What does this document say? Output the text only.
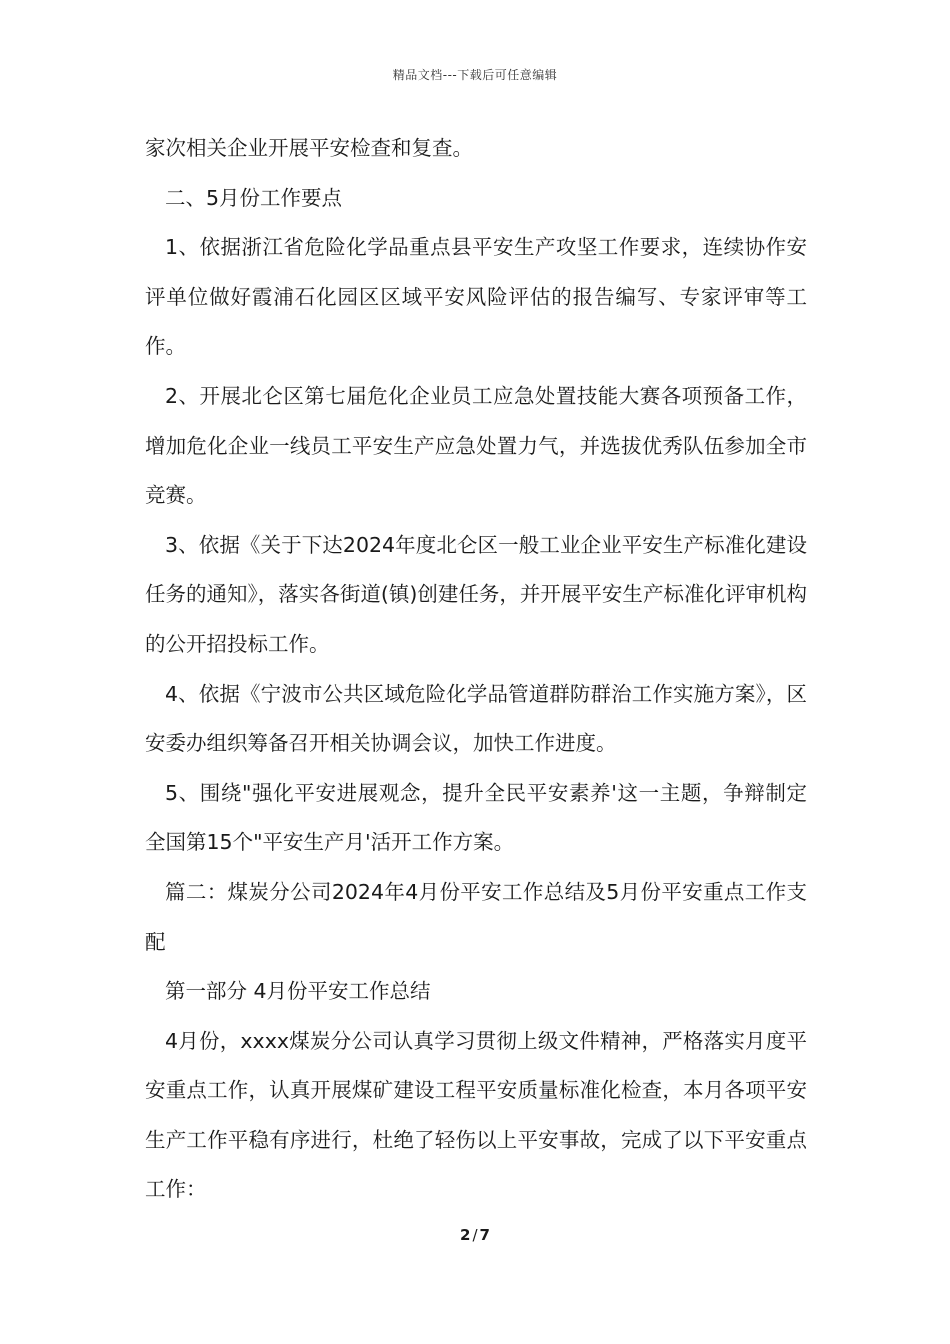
精品文档---下载后可任意编辑

家次相关企业开展平安检查和复查。

二、5月份工作要点

1、依据浙江省危险化学品重点县平安生产攻坚工作要求，连续协作安评单位做好霞浦石化园区区域平安风险评估的报告编写、专家评审等工作。

2、开展北仑区第七届危化企业员工应急处置技能大赛各项预备工作，增加危化企业一线员工平安生产应急处置力气，并选拔优秀队伍参加全市竞赛。

3、依据《关于下达2024年度北仑区一般工业企业平安生产标准化建设任务的通知》，落实各街道(镇)创建任务，并开展平安生产标准化评审机构的公开招投标工作。

4、依据《宁波市公共区域危险化学品管道群防群治工作实施方案》，区安委办组织筹备召开相关协调会议，加快工作进度。

5、围绕"强化平安进展观念，提升全民平安素养'这一主题，争辩制定全国第15个"平安生产月'活开工作方案。

篇二：煤炭分公司2024年4月份平安工作总结及5月份平安重点工作支配

第一部分 4月份平安工作总结

4月份，xxxx煤炭分公司认真学习贯彻上级文件精神，严格落实月度平安重点工作，认真开展煤矿建设工程平安质量标准化检查，本月各项平安生产工作平稳有序进行，杜绝了轻伤以上平安事故，完成了以下平安重点工作：

2 / 7
